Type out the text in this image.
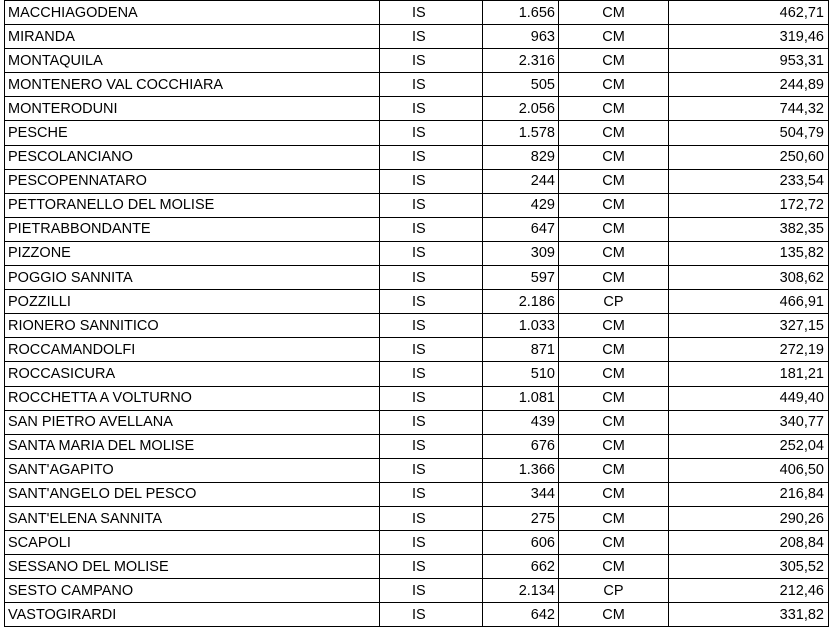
MACCHIAGODENA	IS	1.656	CM	462,71
MIRANDA	IS	963	CM	319,46
MONTAQUILA	IS	2.316	CM	953,31
MONTENERO VAL COCCHIARA	IS	505	CM	244,89
MONTERODUNI	IS	2.056	CM	744,32
PESCHE	IS	1.578	CM	504,79
PESCOLANCIANO	IS	829	CM	250,60
PESCOPENNATARO	IS	244	CM	233,54
PETTORANELLO DEL MOLISE	IS	429	CM	172,72
PIETRABBONDANTE	IS	647	CM	382,35
PIZZONE	IS	309	CM	135,82
POGGIO SANNITA	IS	597	CM	308,62
POZZILLI	IS	2.186	CP	466,91
RIONERO SANNITICO	IS	1.033	CM	327,15
ROCCAMANDOLFI	IS	871	CM	272,19
ROCCASICURA	IS	510	CM	181,21
ROCCHETTA A VOLTURNO	IS	1.081	CM	449,40
SAN PIETRO AVELLANA	IS	439	CM	340,77
SANTA MARIA DEL MOLISE	IS	676	CM	252,04
SANT'AGAPITO	IS	1.366	CM	406,50
SANT'ANGELO DEL PESCO	IS	344	CM	216,84
SANT'ELENA SANNITA	IS	275	CM	290,26
SCAPOLI	IS	606	CM	208,84
SESSANO DEL MOLISE	IS	662	CM	305,52
SESTO CAMPANO	IS	2.134	CP	212,46
VASTOGIRARDI	IS	642	CM	331,82
